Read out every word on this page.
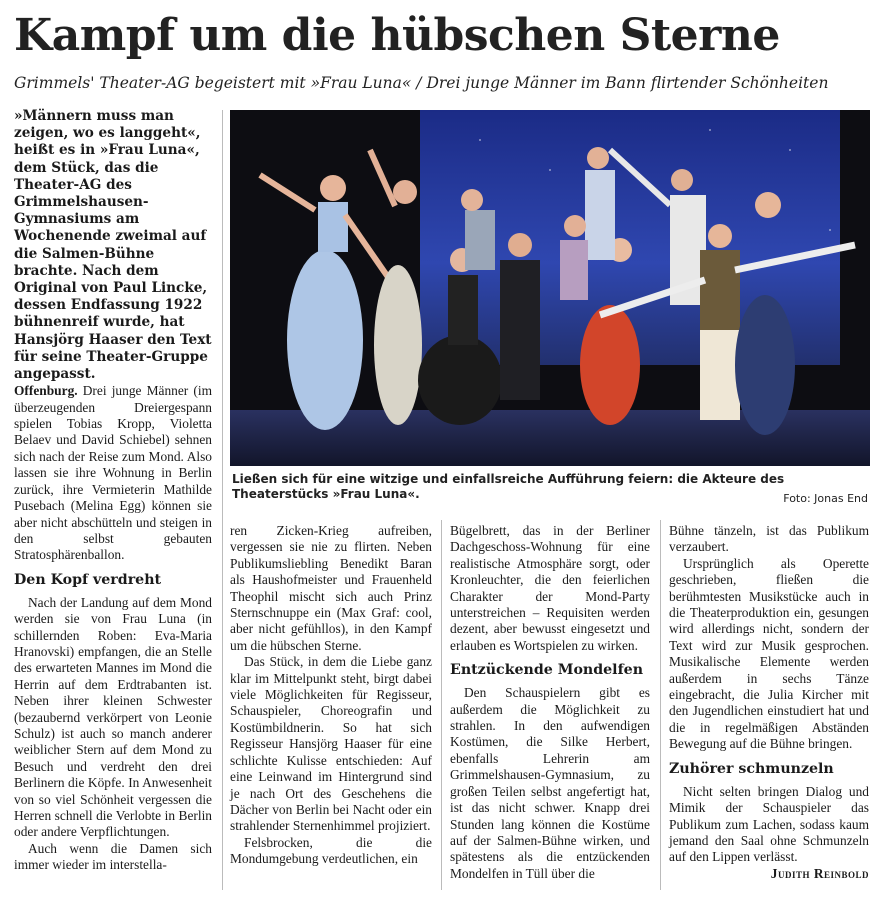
Kampf um die hübschen Sterne
Grimmels' Theater-AG begeistert mit »Frau Luna« / Drei junge Männer im Bann flirtender Schönheiten

»Männern muss man zeigen, wo es langgeht«, heißt es in »Frau Luna«, dem Stück, das die Theater-AG des Grimmelshausen-Gymnasiums am Wochenende zweimal auf die Salmen-Bühne brachte. Nach dem Original von Paul Lincke, dessen Endfassung 1922 bühnenreif wurde, hat Hansjörg Haaser den Text für seine Theater-Gruppe angepasst.

Offenburg. Drei junge Männer (im überzeugenden Dreiergespann spielen Tobias Kropp, Violetta Belaev und David Schiebel) sehnen sich nach der Reise zum Mond. Also lassen sie ihre Wohnung in Berlin zurück, ihre Vermieterin Mathilde Pusebach (Melina Egg) können sie aber nicht abschütteln und steigen in den selbst gebauten Stratosphärenballon.

Den Kopf verdreht

Nach der Landung auf dem Mond werden sie von Frau Luna (in schillernden Roben: Eva-Maria Hranovski) empfangen, die an Stelle des erwarteten Mannes im Mond die Herrin auf dem Erdtrabanten ist. Neben ihrer kleinen Schwester (bezaubernd verkörpert von Leonie Schulz) ist auch so manch anderer weiblicher Stern auf dem Mond zu Besuch und verdreht den drei Berlinern die Köpfe. In Anwesenheit von so viel Schönheit vergessen die Herren schnell die Verlobte in Berlin oder andere Verpflichtungen.

Auch wenn die Damen sich immer wieder im interstella-

Ließen sich für eine witzige und einfallsreiche Aufführung feiern: die Akteure des Theaterstücks »Frau Luna«.	Foto: Jonas End

ren Zicken-Krieg aufreiben, vergessen sie nie zu flirten. Neben Publikumsliebling Benedikt Baran als Haushofmeister und Frauenheld Theophil mischt sich auch Prinz Sternschnuppe ein (Max Graf: cool, aber nicht gefühllos), in den Kampf um die hübschen Sterne.

Das Stück, in dem die Liebe ganz klar im Mittelpunkt steht, birgt dabei viele Möglichkeiten für Regisseur, Schauspieler, Choreografin und Kostümbildnerin. So hat sich Regisseur Hansjörg Haaser für eine schlichte Kulisse entschieden: Auf eine Leinwand im Hintergrund sind je nach Ort des Geschehens die Dächer von Berlin bei Nacht oder ein strahlender Sternenhimmel projiziert.

Felsbrocken, die die Mondumgebung verdeutlichen, ein

Bügelbrett, das in der Berliner Dachgeschoss-Wohnung für eine realistische Atmosphäre sorgt, oder Kronleuchter, die den feierlichen Charakter der Mond-Party unterstreichen – Requisiten werden dezent, aber bewusst eingesetzt und erlauben es Wortspielen zu wirken.

Entzückende Mondelfen

Den Schauspielern gibt es außerdem die Möglichkeit zu strahlen. In den aufwendigen Kostümen, die Silke Herbert, ebenfalls Lehrerin am Grimmelshausen-Gymnasium, zu großen Teilen selbst angefertigt hat, ist das nicht schwer. Knapp drei Stunden lang können die Kostüme auf der Salmen-Bühne wirken, und spätestens als die entzückenden Mondelfen in Tüll über die

Bühne tänzeln, ist das Publikum verzaubert.

Ursprünglich als Operette geschrieben, fließen die berühmtesten Musikstücke auch in die Theaterproduktion ein, gesungen wird allerdings nicht, sondern der Text wird zur Musik gesprochen. Musikalische Elemente werden außerdem in sechs Tänze eingebracht, die Julia Kircher mit den Jugendlichen einstudiert hat und die in regelmäßigen Abständen Bewegung auf die Bühne bringen.

Zuhörer schmunzeln

Nicht selten bringen Dialog und Mimik der Schauspieler das Publikum zum Lachen, sodass kaum jemand den Saal ohne Schmunzeln auf den Lippen verlässt.
Judith Reinbold
